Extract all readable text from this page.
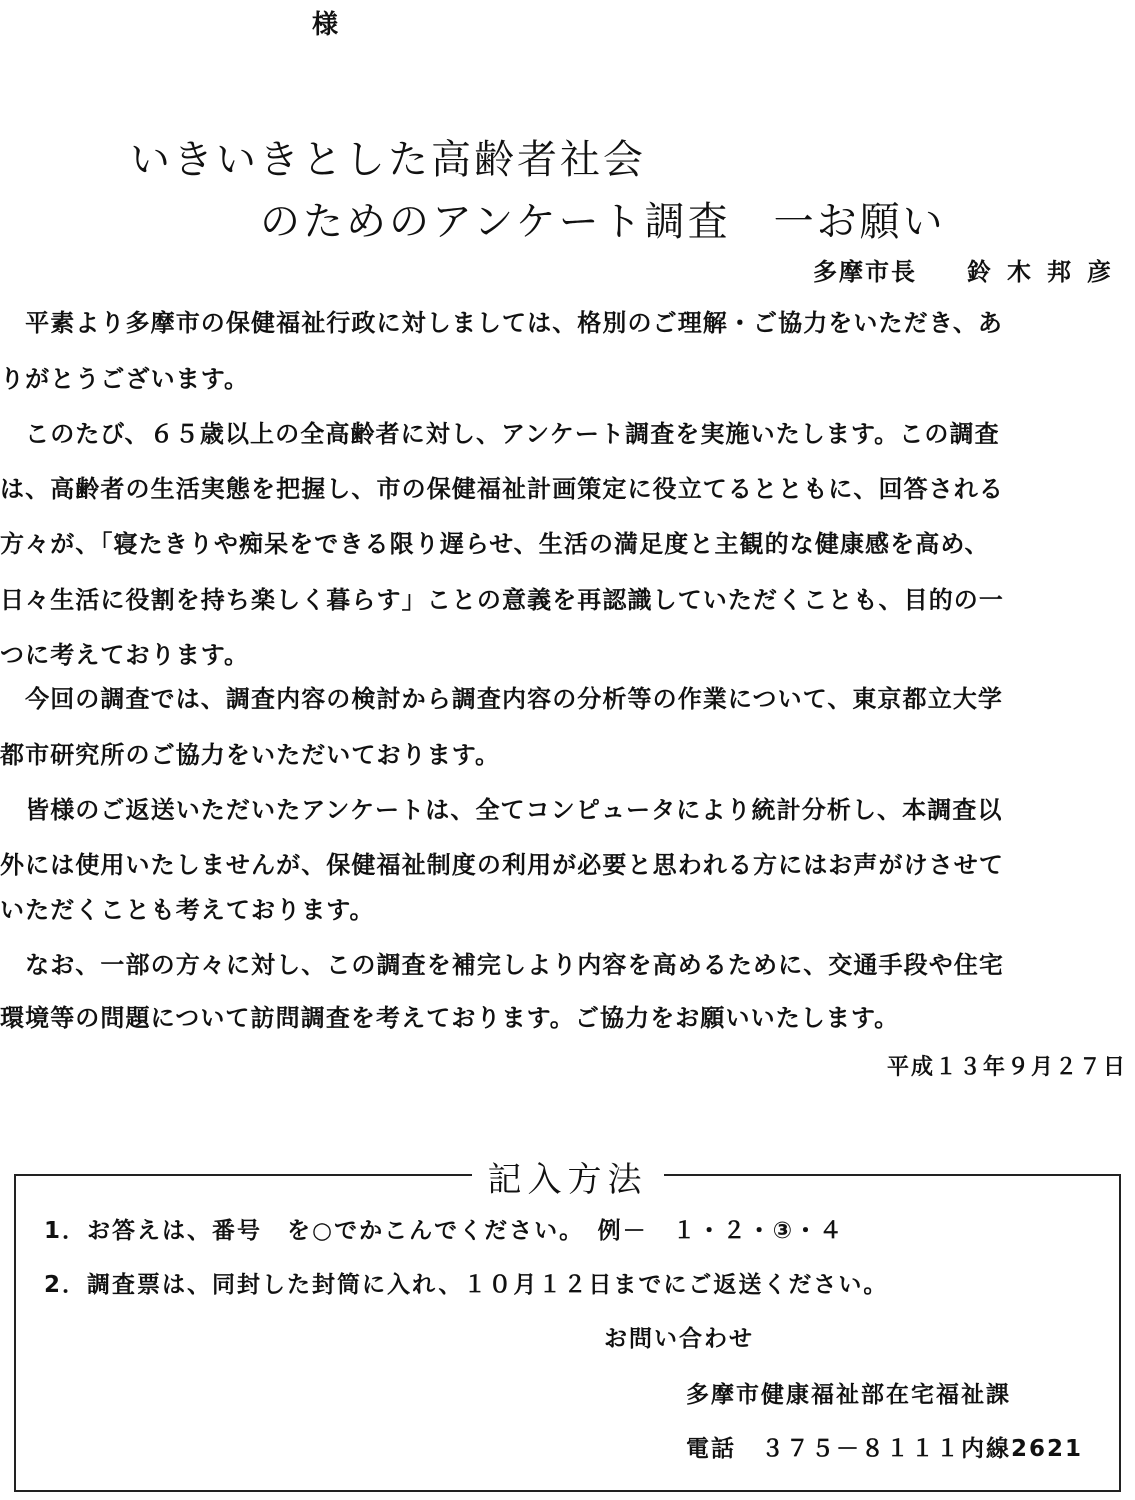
様
いきいきとした高齢者社会
のためのアンケート調査　一お願い
多摩市長 鈴木邦彦
　平素より多摩市の保健福祉行政に対しましては、格別のご理解・ご協力をいただき、あ
りがとうございます。
　このたび、６５歳以上の全高齢者に対し、アンケート調査を実施いたします。この調査
は、高齢者の生活実態を把握し、市の保健福祉計画策定に役立てるとともに、回答される
方々が、「寝たきりや痴呆をできる限り遅らせ、生活の満足度と主観的な健康感を高め、
日々生活に役割を持ち楽しく暮らす」ことの意義を再認識していただくことも、目的の一
つに考えております。
　今回の調査では、調査内容の検討から調査内容の分析等の作業について、東京都立大学
都市研究所のご協力をいただいております。
　皆様のご返送いただいたアンケートは、全てコンピュータにより統計分析し、本調査以
外には使用いたしませんが、保健福祉制度の利用が必要と思われる方にはお声がけさせて
いただくことも考えております。
　なお、一部の方々に対し、この調査を補完しより内容を高めるために、交通手段や住宅
環境等の問題について訪問調査を考えております。ご協力をお願いいたします。
平成１３年９月２７日
記入方法
1．お答えは、番号　を○でかこんでください。　例－　１・２・③・４
2．調査票は、同封した封筒に入れ、１０月１２日までにご返送ください。
お問い合わせ
多摩市健康福祉部在宅福祉課
電話　３７５－８１１１内線2621
